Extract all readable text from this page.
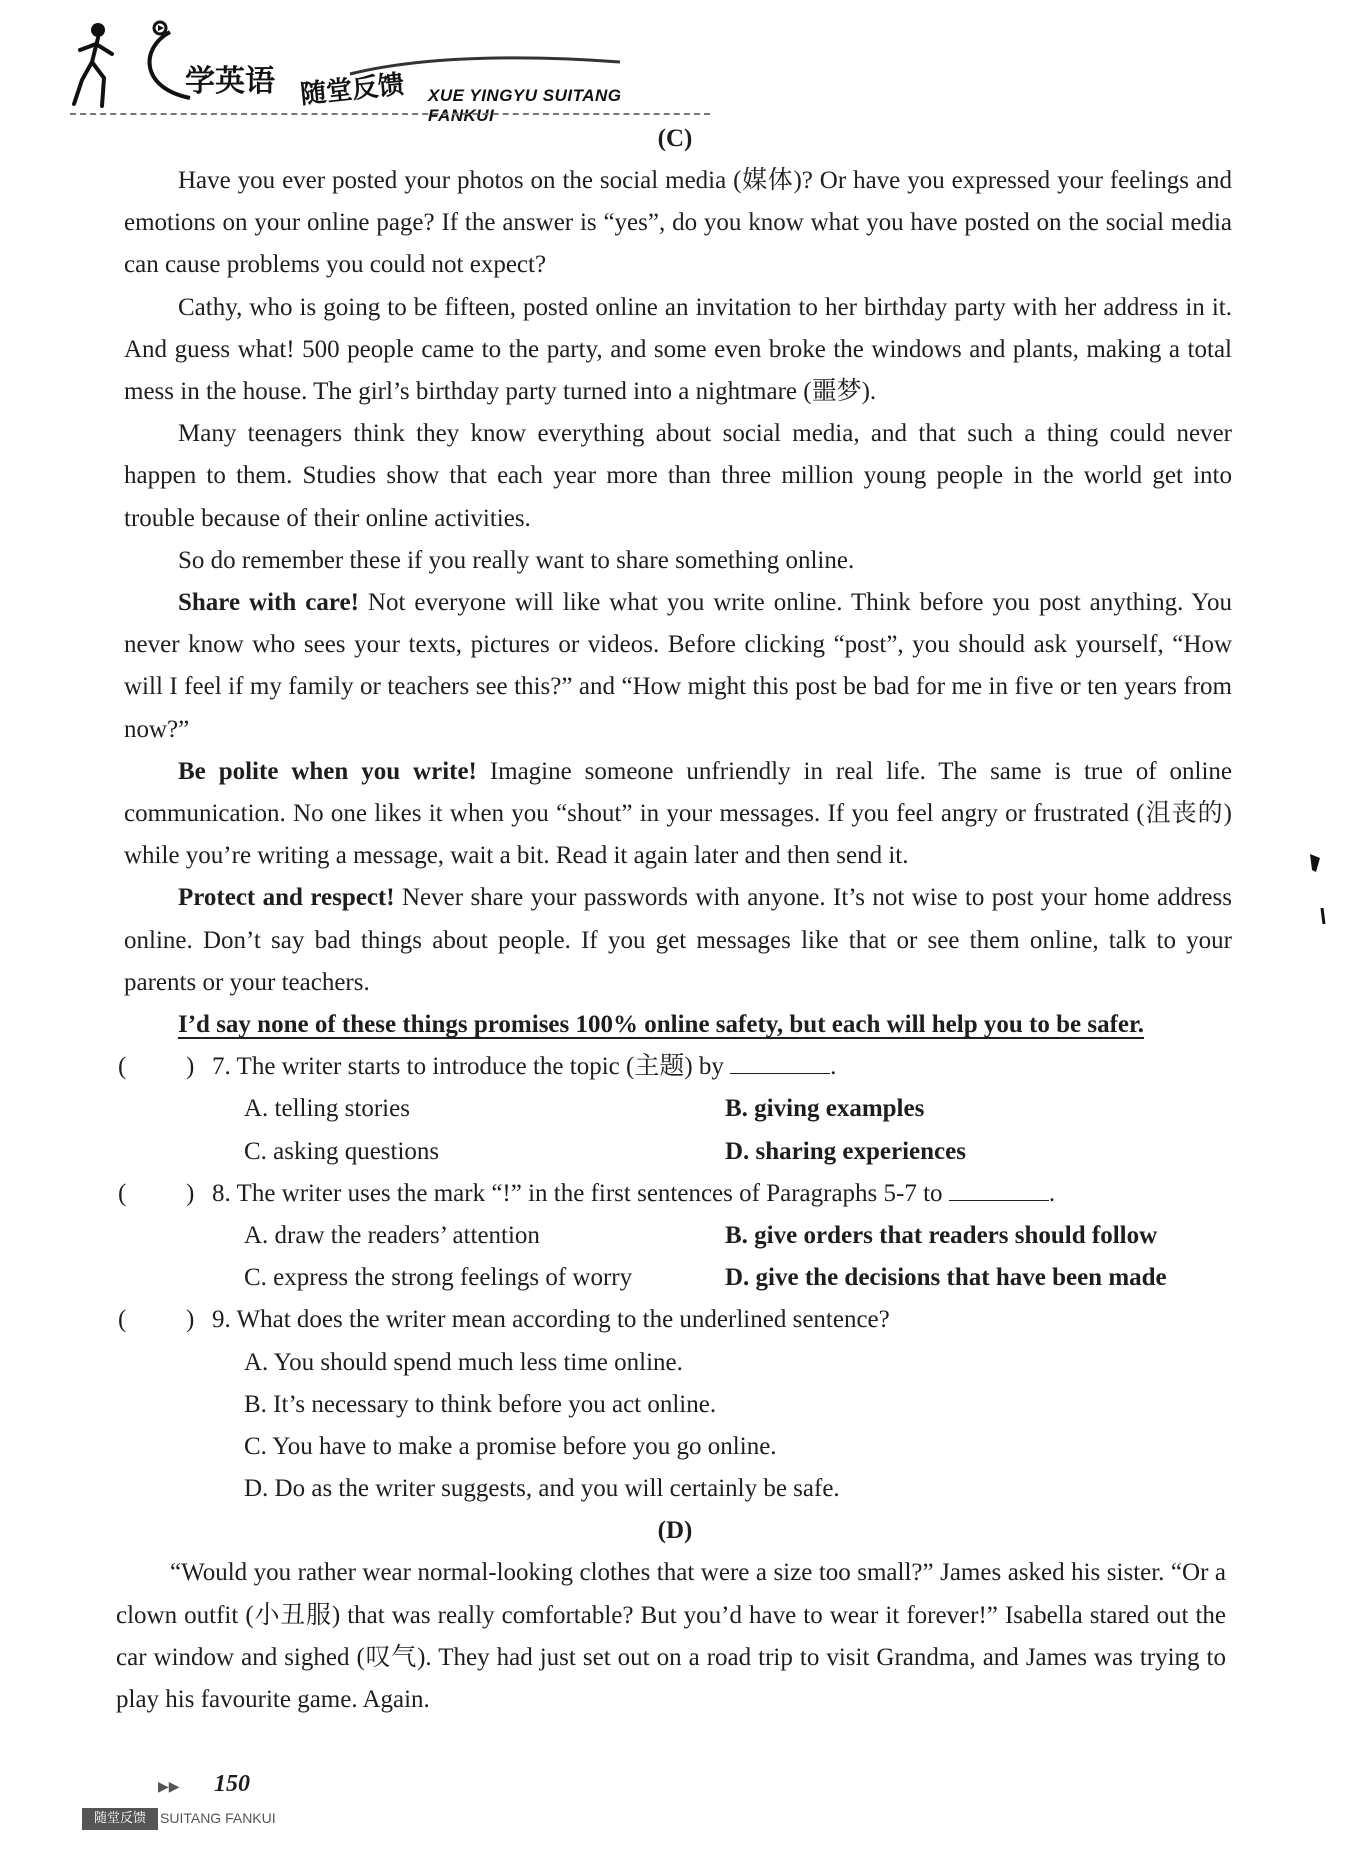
学英语 随堂反馈 XUE YINGYU SUITANG FANKUI

(C)

Have you ever posted your photos on the social media (媒体)? Or have you expressed your feelings and emotions on your online page? If the answer is “yes”, do you know what you have posted on the social media can cause problems you could not expect?

Cathy, who is going to be fifteen, posted online an invitation to her birthday party with her address in it. And guess what! 500 people came to the party, and some even broke the windows and plants, making a total mess in the house. The girl’s birthday party turned into a nightmare (噩梦).

Many teenagers think they know everything about social media, and that such a thing could never happen to them. Studies show that each year more than three million young people in the world get into trouble because of their online activities.

So do remember these if you really want to share something online.

Share with care! Not everyone will like what you write online. Think before you post anything. You never know who sees your texts, pictures or videos. Before clicking “post”, you should ask yourself, “How will I feel if my family or teachers see this?” and “How might this post be bad for me in five or ten years from now?”

Be polite when you write! Imagine someone unfriendly in real life. The same is true of online communication. No one likes it when you “shout” in your messages. If you feel angry or frustrated (沮丧的) while you’re writing a message, wait a bit. Read it again later and then send it.

Protect and respect! Never share your passwords with anyone. It’s not wise to post your home address online. Don’t say bad things about people. If you get messages like that or see them online, talk to your parents or your teachers.

I’d say none of these things promises 100% online safety, but each will help you to be safer.

( ) 7. The writer starts to introduce the topic (主题) by	.
A. telling stories	B. giving examples
C. asking questions	D. sharing experiences
( ) 8. The writer uses the mark “!” in the first sentences of Paragraphs 5-7 to	.
A. draw the readers’ attention	B. give orders that readers should follow
C. express the strong feelings of worry	D. give the decisions that have been made
( ) 9. What does the writer mean according to the underlined sentence?
A. You should spend much less time online.
B. It’s necessary to think before you act online.
C. You have to make a promise before you go online.
D. Do as the writer suggests, and you will certainly be safe.

(D)

“Would you rather wear normal-looking clothes that were a size too small?” James asked his sister. “Or a clown outfit (小丑服) that was really comfortable? But you’d have to wear it forever!” Isabella stared out the car window and sighed (叹气). They had just set out on a road trip to visit Grandma, and James was trying to play his favourite game. Again.

▶▶ 150
随堂反馈	SUITANG FANKUI
